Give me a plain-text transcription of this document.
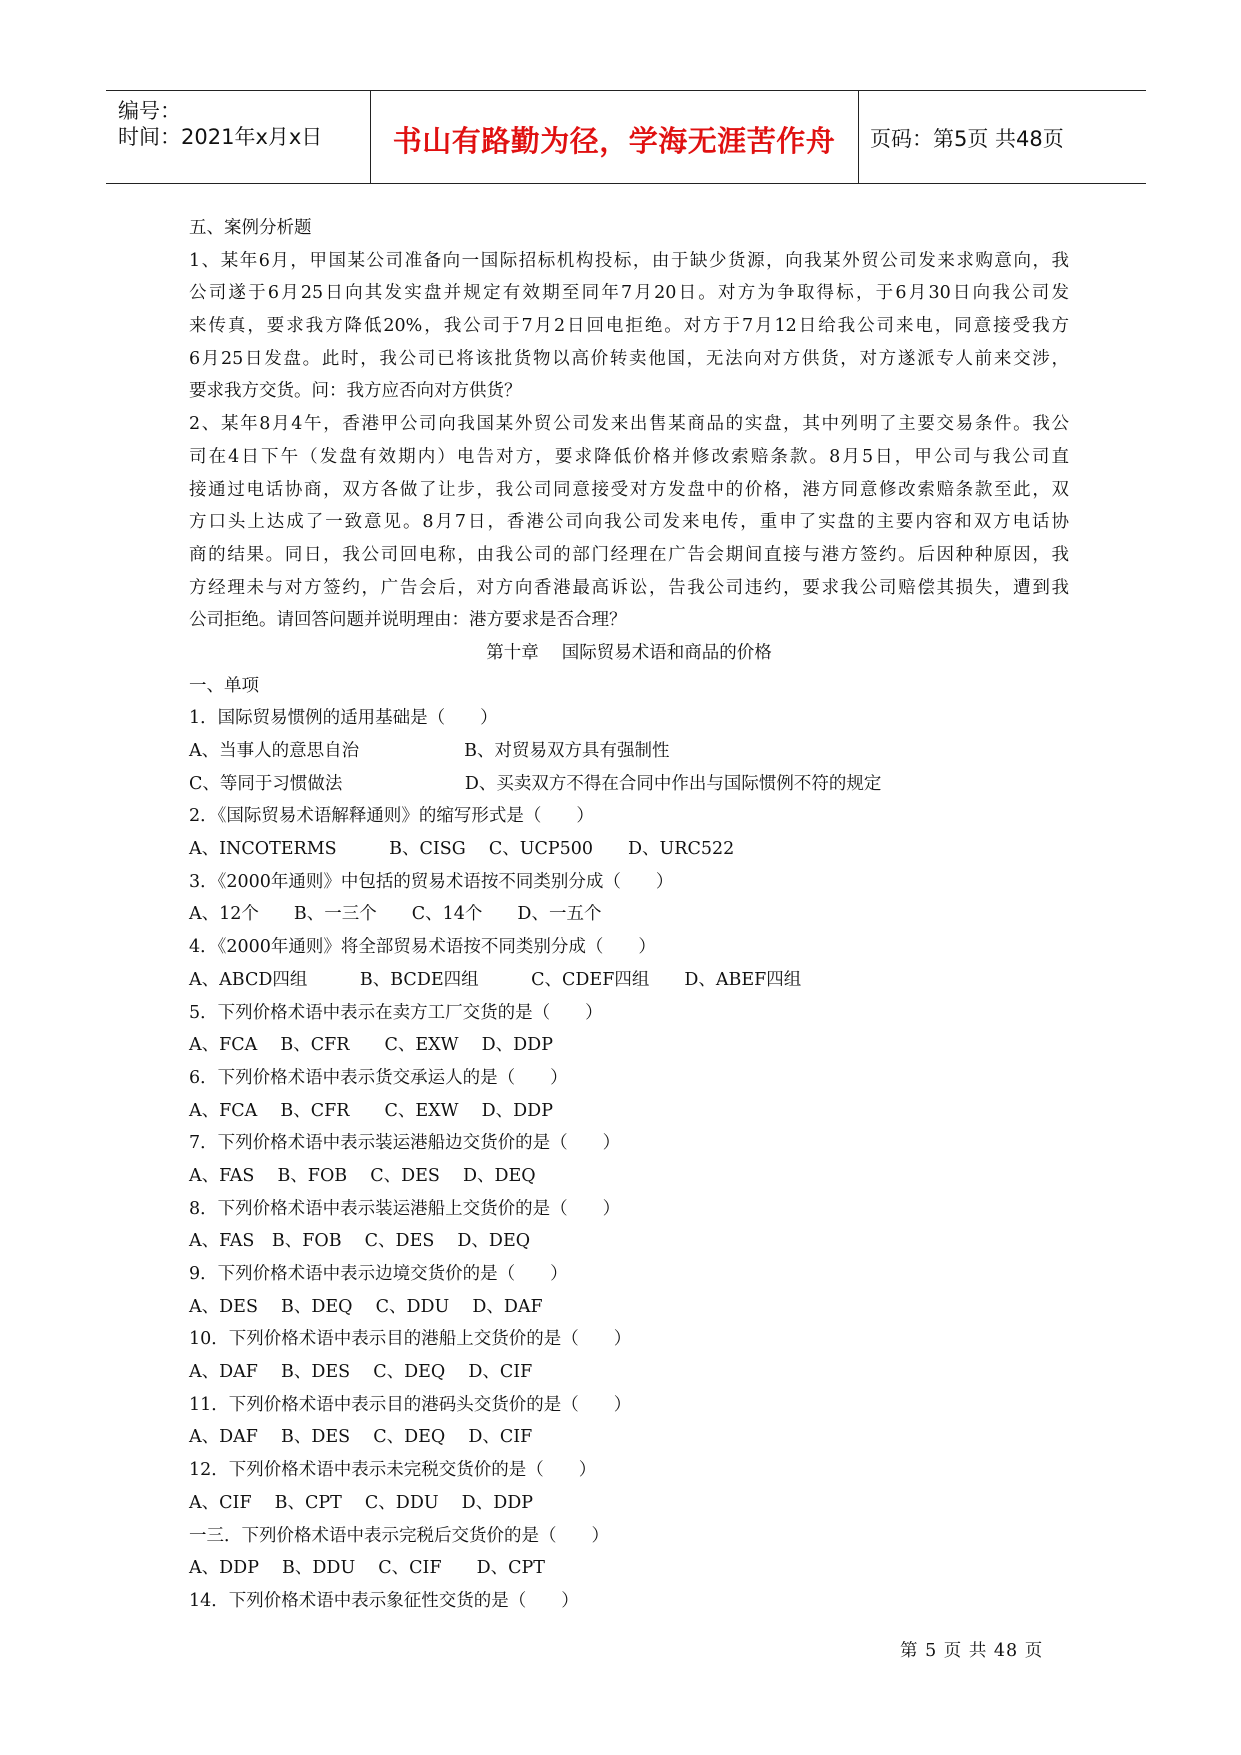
编号：
时间：2021年x月x日	书山有路勤为径，学海无涯苦作舟	页码：第5页 共48页
五、案例分析题
1、某年6月，甲国某公司准备向一国际招标机构投标，由于缺少货源，向我某外贸公司发来求购意向，我
公司遂于6月25日向其发实盘并规定有效期至同年7月20日。对方为争取得标，于6月30日向我公司发
来传真，要求我方降低20%，我公司于7月2日回电拒绝。对方于7月12日给我公司来电，同意接受我方
6月25日发盘。此时，我公司已将该批货物以高价转卖他国，无法向对方供货，对方遂派专人前来交涉，
要求我方交货。问：我方应否向对方供货？
2、某年8月4午，香港甲公司向我国某外贸公司发来出售某商品的实盘，其中列明了主要交易条件。我公
司在4日下午（发盘有效期内）电告对方，要求降低价格并修改索赔条款。8月5日，甲公司与我公司直
接通过电话协商，双方各做了让步，我公司同意接受对方发盘中的价格，港方同意修改索赔条款至此，双
方口头上达成了一致意见。8月7日，香港公司向我公司发来电传，重申了实盘的主要内容和双方电话协
商的结果。同日，我公司回电称，由我公司的部门经理在广告会期间直接与港方签约。后因种种原因，我
方经理未与对方签约，广告会后，对方向香港最高诉讼，告我公司违约，要求我公司赔偿其损失，遭到我
公司拒绝。请回答问题并说明理由：港方要求是否合理？
第十章　 国际贸易术语和商品的价格
一、单项
1．国际贸易惯例的适用基础是（　　）
A、当事人的意思自治　　　　　　B、对贸易双方具有强制性
C、等同于习惯做法　　　　　　　D、买卖双方不得在合同中作出与国际惯例不符的规定
2．《国际贸易术语解释通则》的缩写形式是（　　）
A、INCOTERMS　　　B、CISG　 C、UCP500　　D、URC522
3．《2000年通则》中包括的贸易术语按不同类别分成（　　）
A、12个　　B、一三个　　C、14个　　D、一五个
4．《2000年通则》将全部贸易术语按不同类别分成（　　）
A、ABCD四组　　　B、BCDE四组　　　C、CDEF四组　　D、ABEF四组
5．下列价格术语中表示在卖方工厂交货的是（　　）
A、FCA　 B、CFR　　C、EXW　 D、DDP
6．下列价格术语中表示货交承运人的是（　　）
A、FCA　 B、CFR　　C、EXW　 D、DDP
7．下列价格术语中表示装运港船边交货价的是（　　）
A、FAS　 B、FOB　 C、DES　 D、DEQ
8．下列价格术语中表示装运港船上交货价的是（　　）
A、FAS　B、FOB　 C、DES　 D、DEQ
9．下列价格术语中表示边境交货价的是（　　）
A、DES　 B、DEQ　 C、DDU　 D、DAF
10．下列价格术语中表示目的港船上交货价的是（　　）
A、DAF　 B、DES　 C、DEQ　 D、CIF
11．下列价格术语中表示目的港码头交货价的是（　　）
A、DAF　 B、DES　 C、DEQ　 D、CIF
12．下列价格术语中表示未完税交货价的是（　　）
A、CIF　 B、CPT　 C、DDU　 D、DDP
一三．下列价格术语中表示完税后交货价的是（　　）
A、DDP　 B、DDU　 C、CIF　　D、CPT
14．下列价格术语中表示象征性交货的是（　　）
第 5 页 共 48 页
